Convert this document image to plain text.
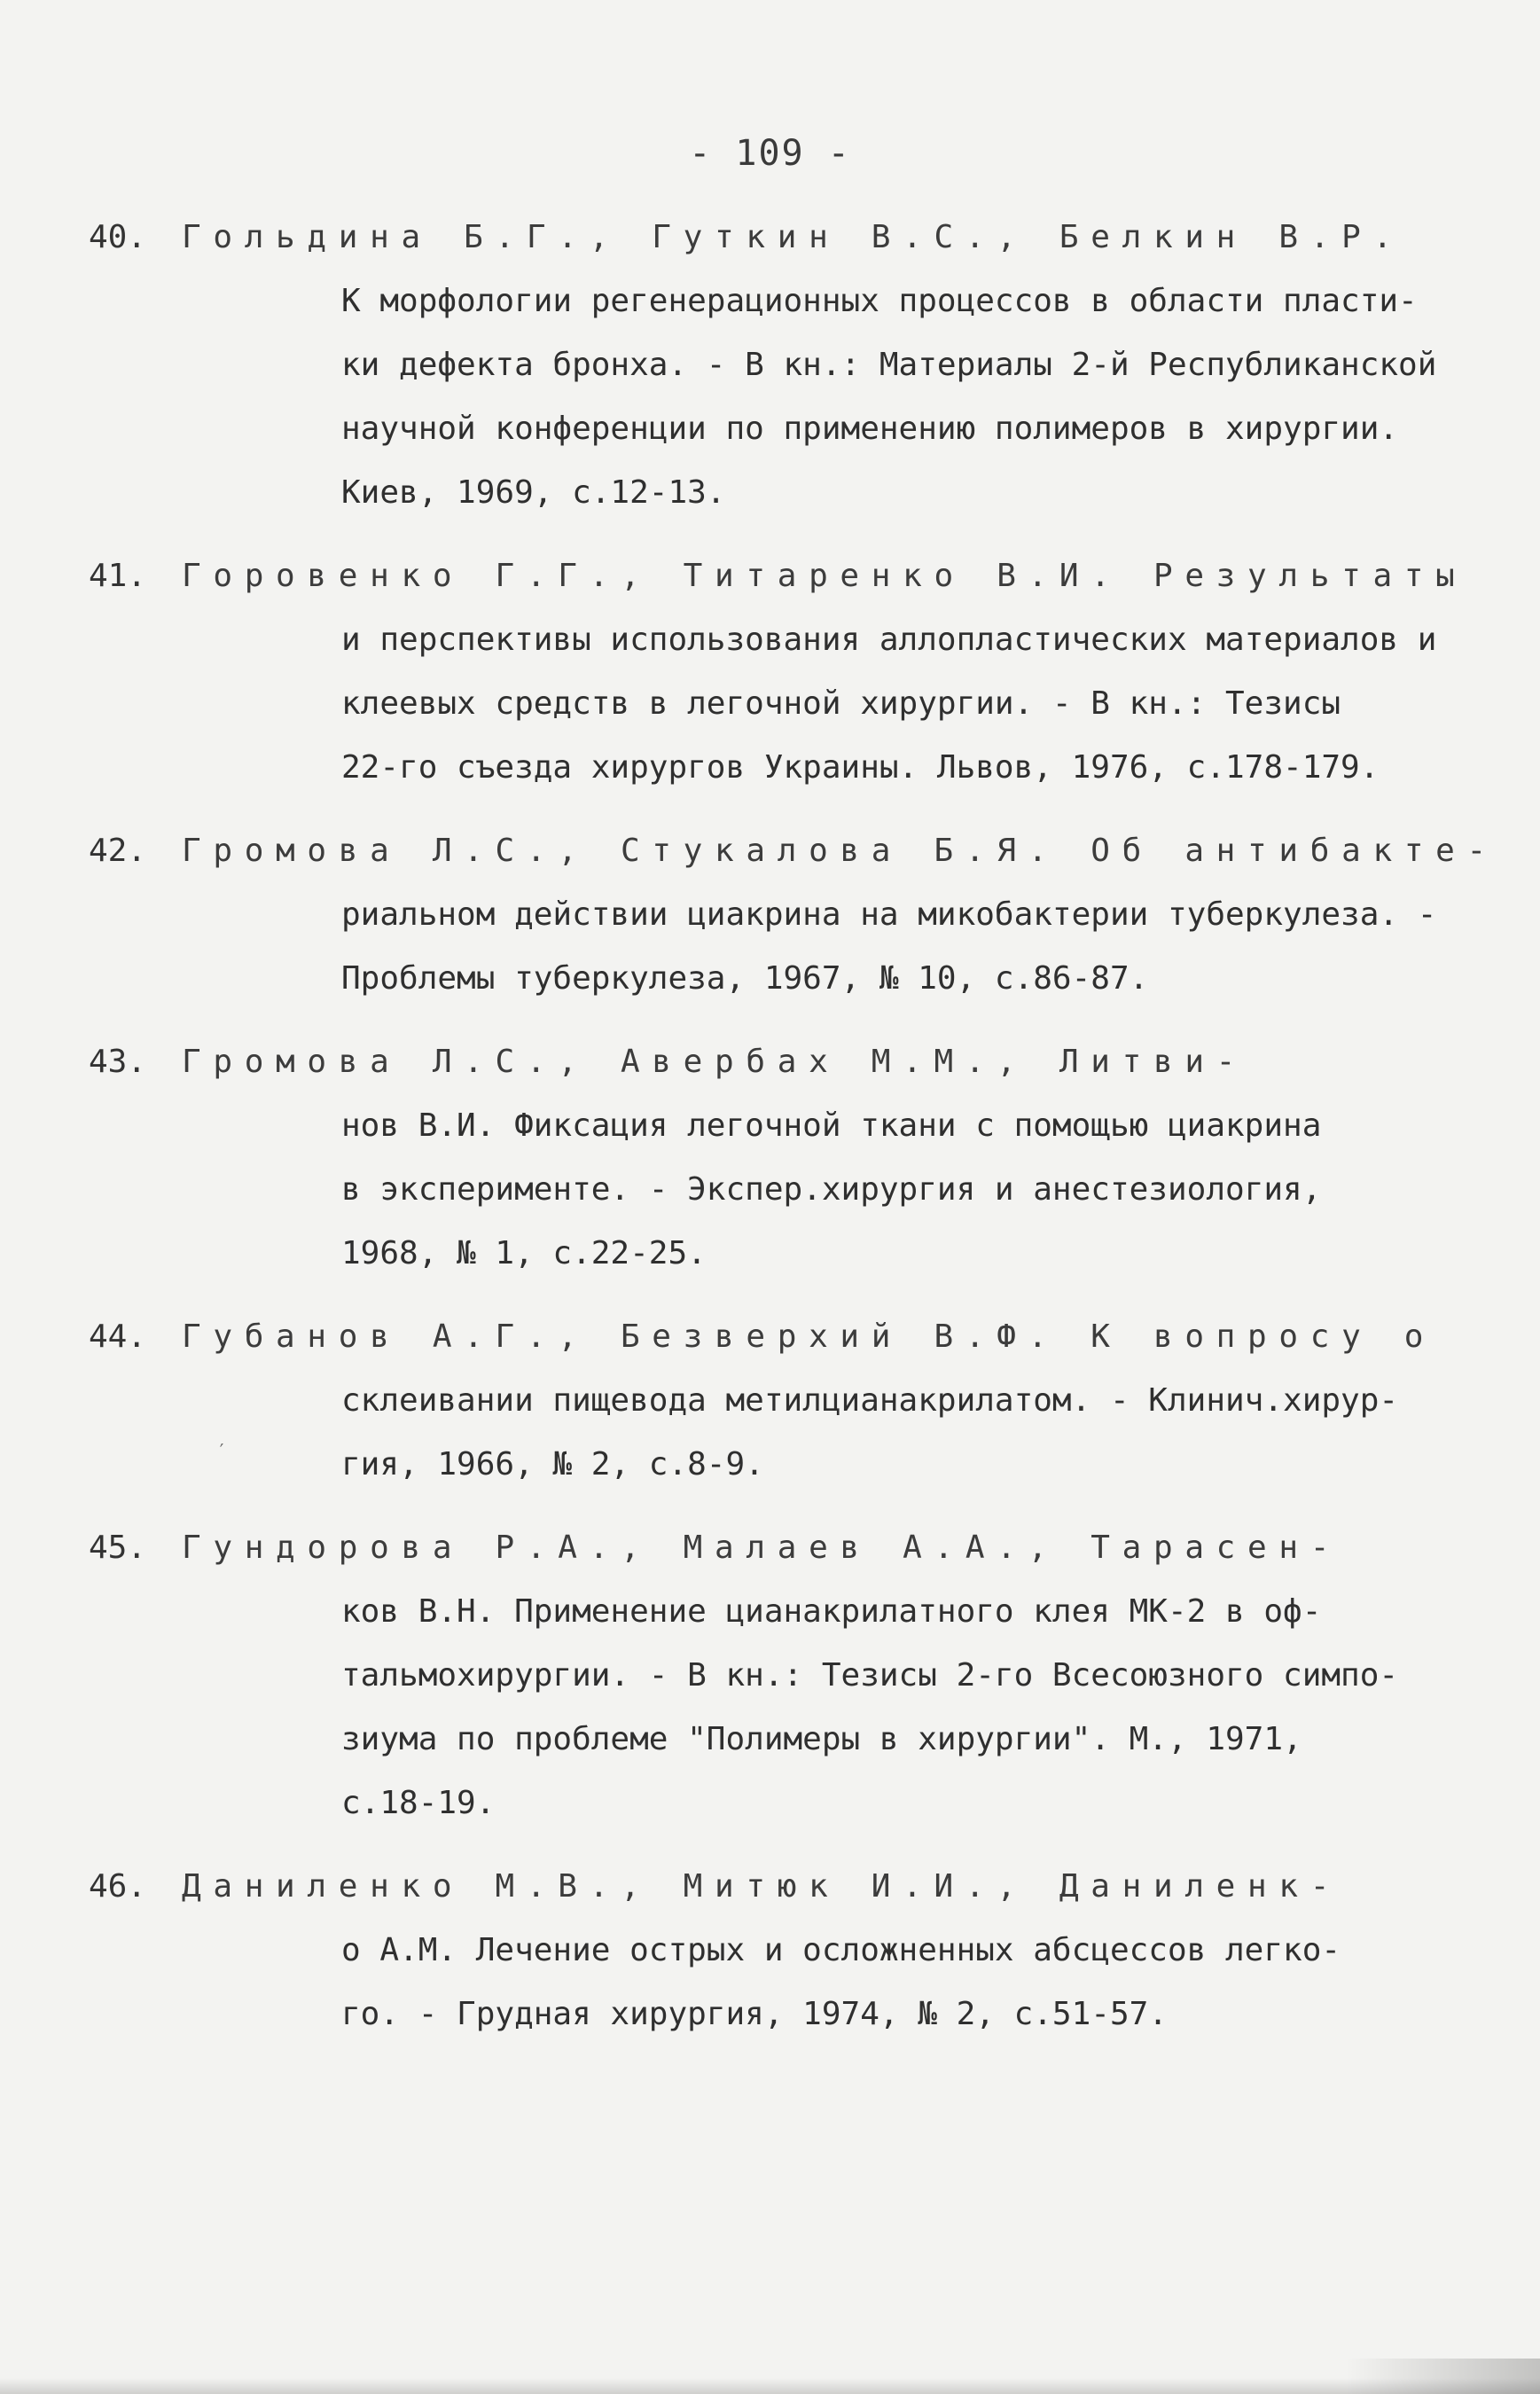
- 109 -
′
40.	Гольдина Б.Г., Гуткин В.С., Белкин В.Р.
К морфологии регенерационных процессов в области пласти-
ки дефекта бронха. - В кн.: Материалы 2-й Республиканской
научной конференции по применению полимеров в хирургии.
Киев, 1969, с.12-13.
41.	Горовенко Г.Г., Титаренко В.И. Результаты
и перспективы использования аллопластических материалов и
клеевых средств в легочной хирургии. - В кн.: Тезисы
22-го съезда хирургов Украины. Львов, 1976, с.178-179.
42.	Громова Л.С., Стукалова Б.Я. Об антибакте-
риальном действии циакрина на микобактерии туберкулеза. -
Проблемы туберкулеза, 1967, № 10, с.86-87.
43.	Громова Л.С., Авербах М.М., Литви-
нов В.И. Фиксация легочной ткани с помощью циакрина
в эксперименте. - Экспер.хирургия и анестезиология,
1968, № 1, с.22-25.
44.	Губанов А.Г., Безверхий В.Ф. К вопросу о
склеивании пищевода метилцианакрилатом. - Клинич.хирур-
гия, 1966, № 2, с.8-9.
45.	Гундорова Р.А., Малаев А.А., Тарасен-
ков В.Н. Применение цианакрилатного клея МК-2 в оф-
тальмохирургии. - В кн.: Тезисы 2-го Всесоюзного симпо-
зиума по проблеме "Полимеры в хирургии". М., 1971,
с.18-19.
46.	Даниленко М.В., Митюк И.И., Даниленк-
о А.М. Лечение острых и осложненных абсцессов легко-
го. - Грудная хирургия, 1974, № 2, с.51-57.
